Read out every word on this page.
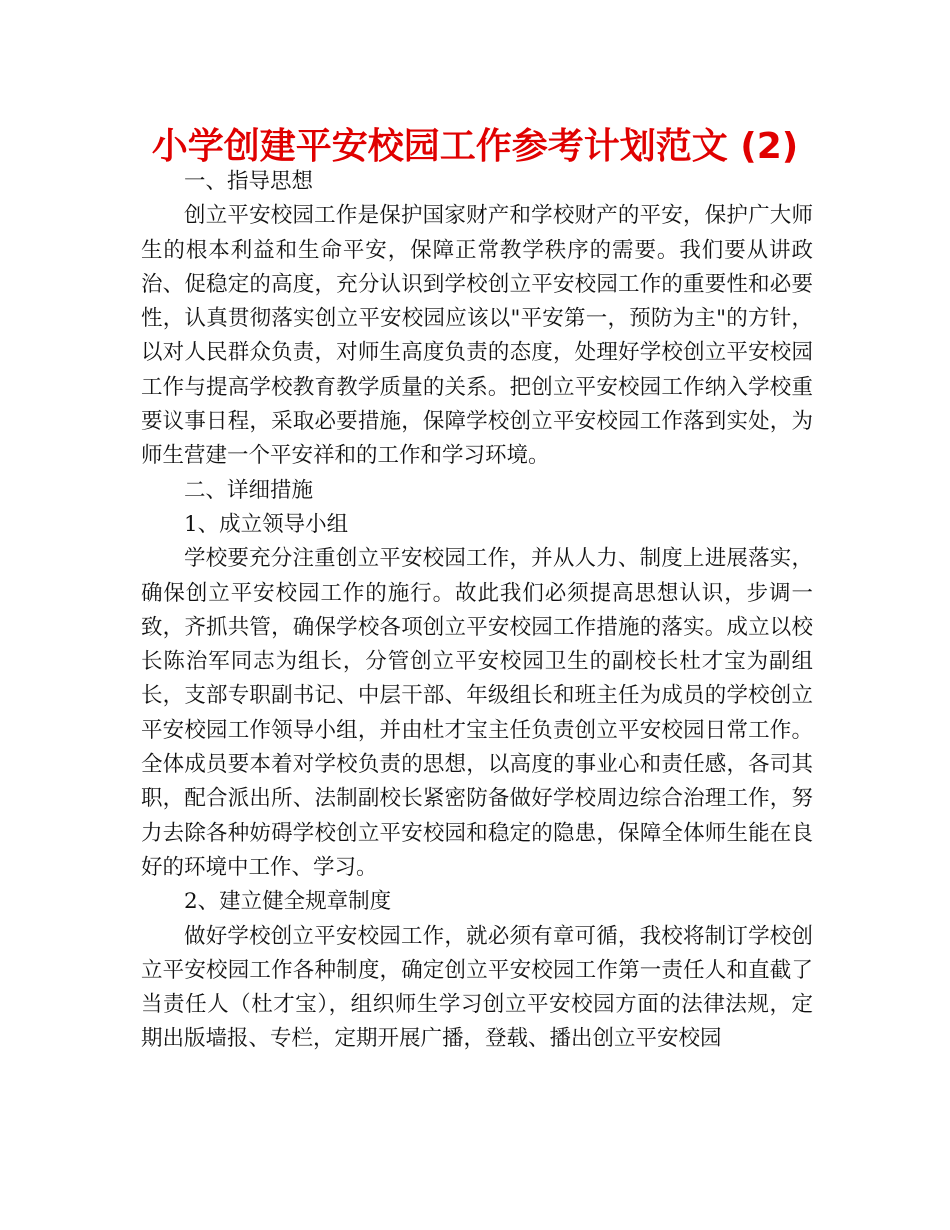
小学创建平安校园工作参考计划范文 (2)

一、指导思想

创立平安校园工作是保护国家财产和学校财产的平安，保护广大师生的根本利益和生命平安，保障正常教学秩序的需要。我们要从讲政治、促稳定的高度，充分认识到学校创立平安校园工作的重要性和必要性，认真贯彻落实创立平安校园应该以"平安第一，预防为主"的方针，以对人民群众负责，对师生高度负责的态度，处理好学校创立平安校园工作与提高学校教育教学质量的关系。把创立平安校园工作纳入学校重要议事日程，采取必要措施，保障学校创立平安校园工作落到实处，为师生营建一个平安祥和的工作和学习环境。

二、详细措施

1、成立领导小组

学校要充分注重创立平安校园工作，并从人力、制度上进展落实，确保创立平安校园工作的施行。故此我们必须提高思想认识，步调一致，齐抓共管，确保学校各项创立平安校园工作措施的落实。成立以校长陈治军同志为组长，分管创立平安校园卫生的副校长杜才宝为副组长，支部专职副书记、中层干部、年级组长和班主任为成员的学校创立平安校园工作领导小组，并由杜才宝主任负责创立平安校园日常工作。全体成员要本着对学校负责的思想，以高度的事业心和责任感，各司其职，配合派出所、法制副校长紧密防备做好学校周边综合治理工作，努力去除各种妨碍学校创立平安校园和稳定的隐患，保障全体师生能在良好的环境中工作、学习。

2、建立健全规章制度

做好学校创立平安校园工作，就必须有章可循，我校将制订学校创立平安校园工作各种制度，确定创立平安校园工作第一责任人和直截了当责任人（杜才宝），组织师生学习创立平安校园方面的法律法规，定期出版墙报、专栏，定期开展广播，登载、播出创立平安校园
